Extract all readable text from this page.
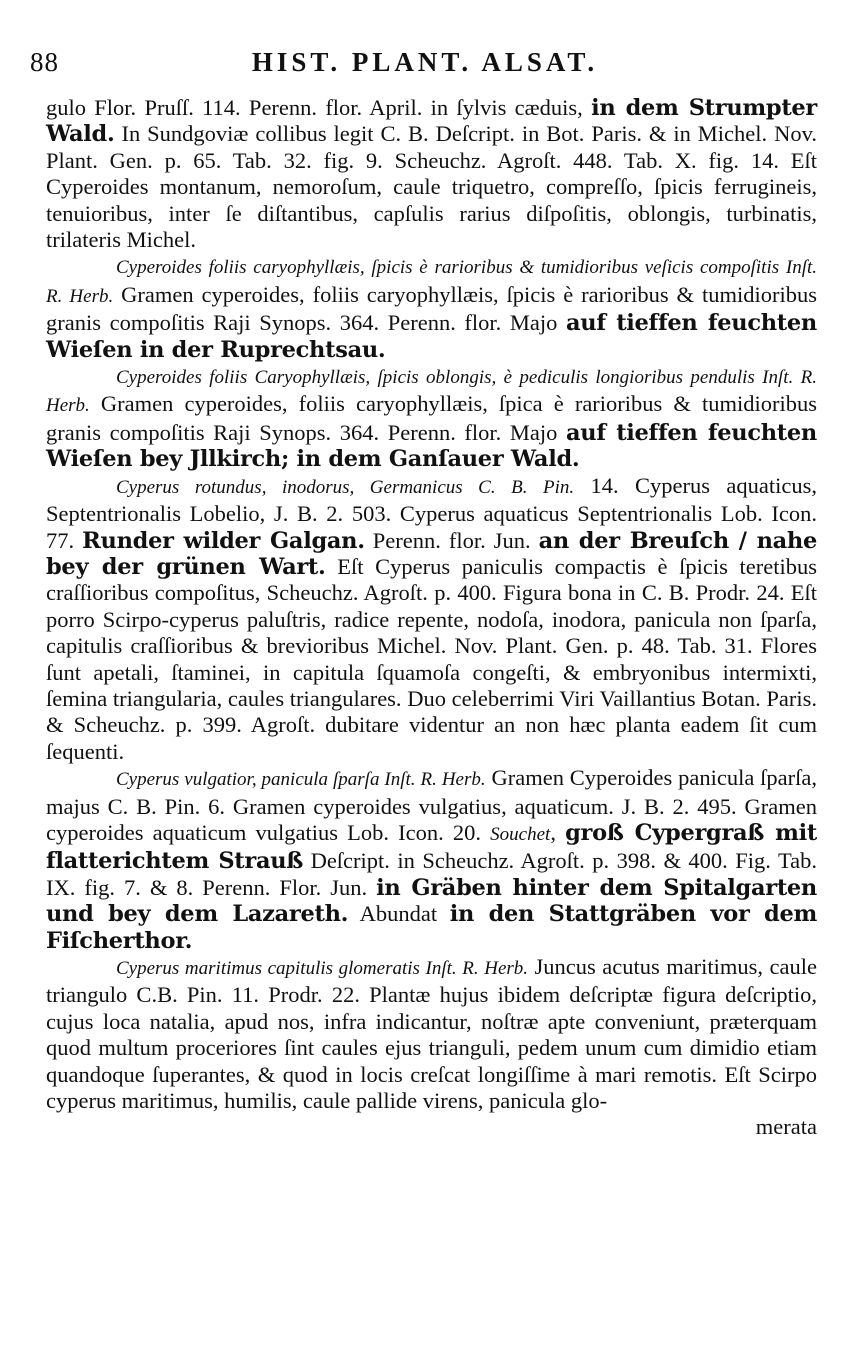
88	HIST. PLANT. ALSAT.

gulo Flor. Pruſſ. 114. Perenn. flor. April. in ſylvis cæduis, in dem Strumpter Wald. In Sundgoviæ collibus legit C. B. Deſcript. in Bot. Paris. & in Michel. Nov. Plant. Gen. p. 65. Tab. 32. fig. 9. Scheuchz. Agroſt. 448. Tab. X. fig. 14. Eſt Cyperoides montanum, nemoroſum, caule triquetro, compreſſo, ſpicis ferrugineis, tenuioribus, inter ſe diſtantibus, capſulis rarius diſpoſitis, oblongis, turbinatis, trilateris Michel.

Cyperoides foliis caryophyllæis, ſpicis è rarioribus & tumidioribus veſicis compoſitis Inſt. R. Herb. Gramen cyperoides, foliis caryophyllæis, ſpicis è rarioribus & tumidioribus granis compoſitis Raji Synops. 364. Perenn. flor. Majo auf tieffen feuchten Wieſen in der Ruprechtsau.

Cyperoides foliis Caryophyllæis, ſpicis oblongis, è pediculis longioribus pendulis Inſt. R. Herb. Gramen cyperoides, foliis caryophyllæis, ſpica è rarioribus & tumidioribus granis compoſitis Raji Synops. 364. Perenn. flor. Majo auf tieffen feuchten Wieſen bey Jllkirch; in dem Ganſauer Wald.

Cyperus rotundus, inodorus, Germanicus C. B. Pin. 14. Cyperus aquaticus, Septentrionalis Lobelio, J. B. 2. 503. Cyperus aquaticus Septentrionalis Lob. Icon. 77. Runder wilder Galgan. Perenn. flor. Jun. an der Breuſch / nahe bey der grünen Wart. Eſt Cyperus paniculis compactis è ſpicis teretibus craſſioribus compoſitus, Scheuchz. Agroſt. p. 400. Figura bona in C. B. Prodr. 24. Eſt porro Scirpo-cyperus paluſtris, radice repente, nodoſa, inodora, panicula non ſparſa, capitulis craſſioribus & brevioribus Michel. Nov. Plant. Gen. p. 48. Tab. 31. Flores ſunt apetali, ſtaminei, in capitula ſquamoſa congeſti, & embryonibus intermixti, ſemina triangularia, caules triangulares. Duo celeberrimi Viri Vaillantius Botan. Paris. & Scheuchz. p. 399. Agroſt. dubitare videntur an non hæc planta eadem ſit cum ſequenti.

Cyperus vulgatior, panicula ſparſa Inſt. R. Herb. Gramen Cyperoides panicula ſparſa, majus C. B. Pin. 6. Gramen cyperoides vulgatius, aquaticum. J. B. 2. 495. Gramen cyperoides aquaticum vulgatius Lob. Icon. 20. Souchet, groß Cypergraß mit flatterichtem Strauß Deſcript. in Scheuchz. Agroſt. p. 398. & 400. Fig. Tab. IX. fig. 7. & 8. Perenn. Flor. Jun. in Gräben hinter dem Spitalgarten und bey dem Lazareth. Abundat in den Stattgräben vor dem Fiſcherthor.

Cyperus maritimus capitulis glomeratis Inſt. R. Herb. Juncus acutus maritimus, caule triangulo C.B. Pin. 11. Prodr. 22. Plantæ hujus ibidem deſcriptæ figura deſcriptio, cujus loca natalia, apud nos, infra indicantur, noſtræ apte conveniunt, præterquam quod multum proceriores ſint caules ejus trianguli, pedem unum cum dimidio etiam quandoque ſuperantes, & quod in locis creſcat longiſſime à mari remotis. Eſt Scirpo cyperus maritimus, humilis, caule pallide virens, panicula glo-

merata
